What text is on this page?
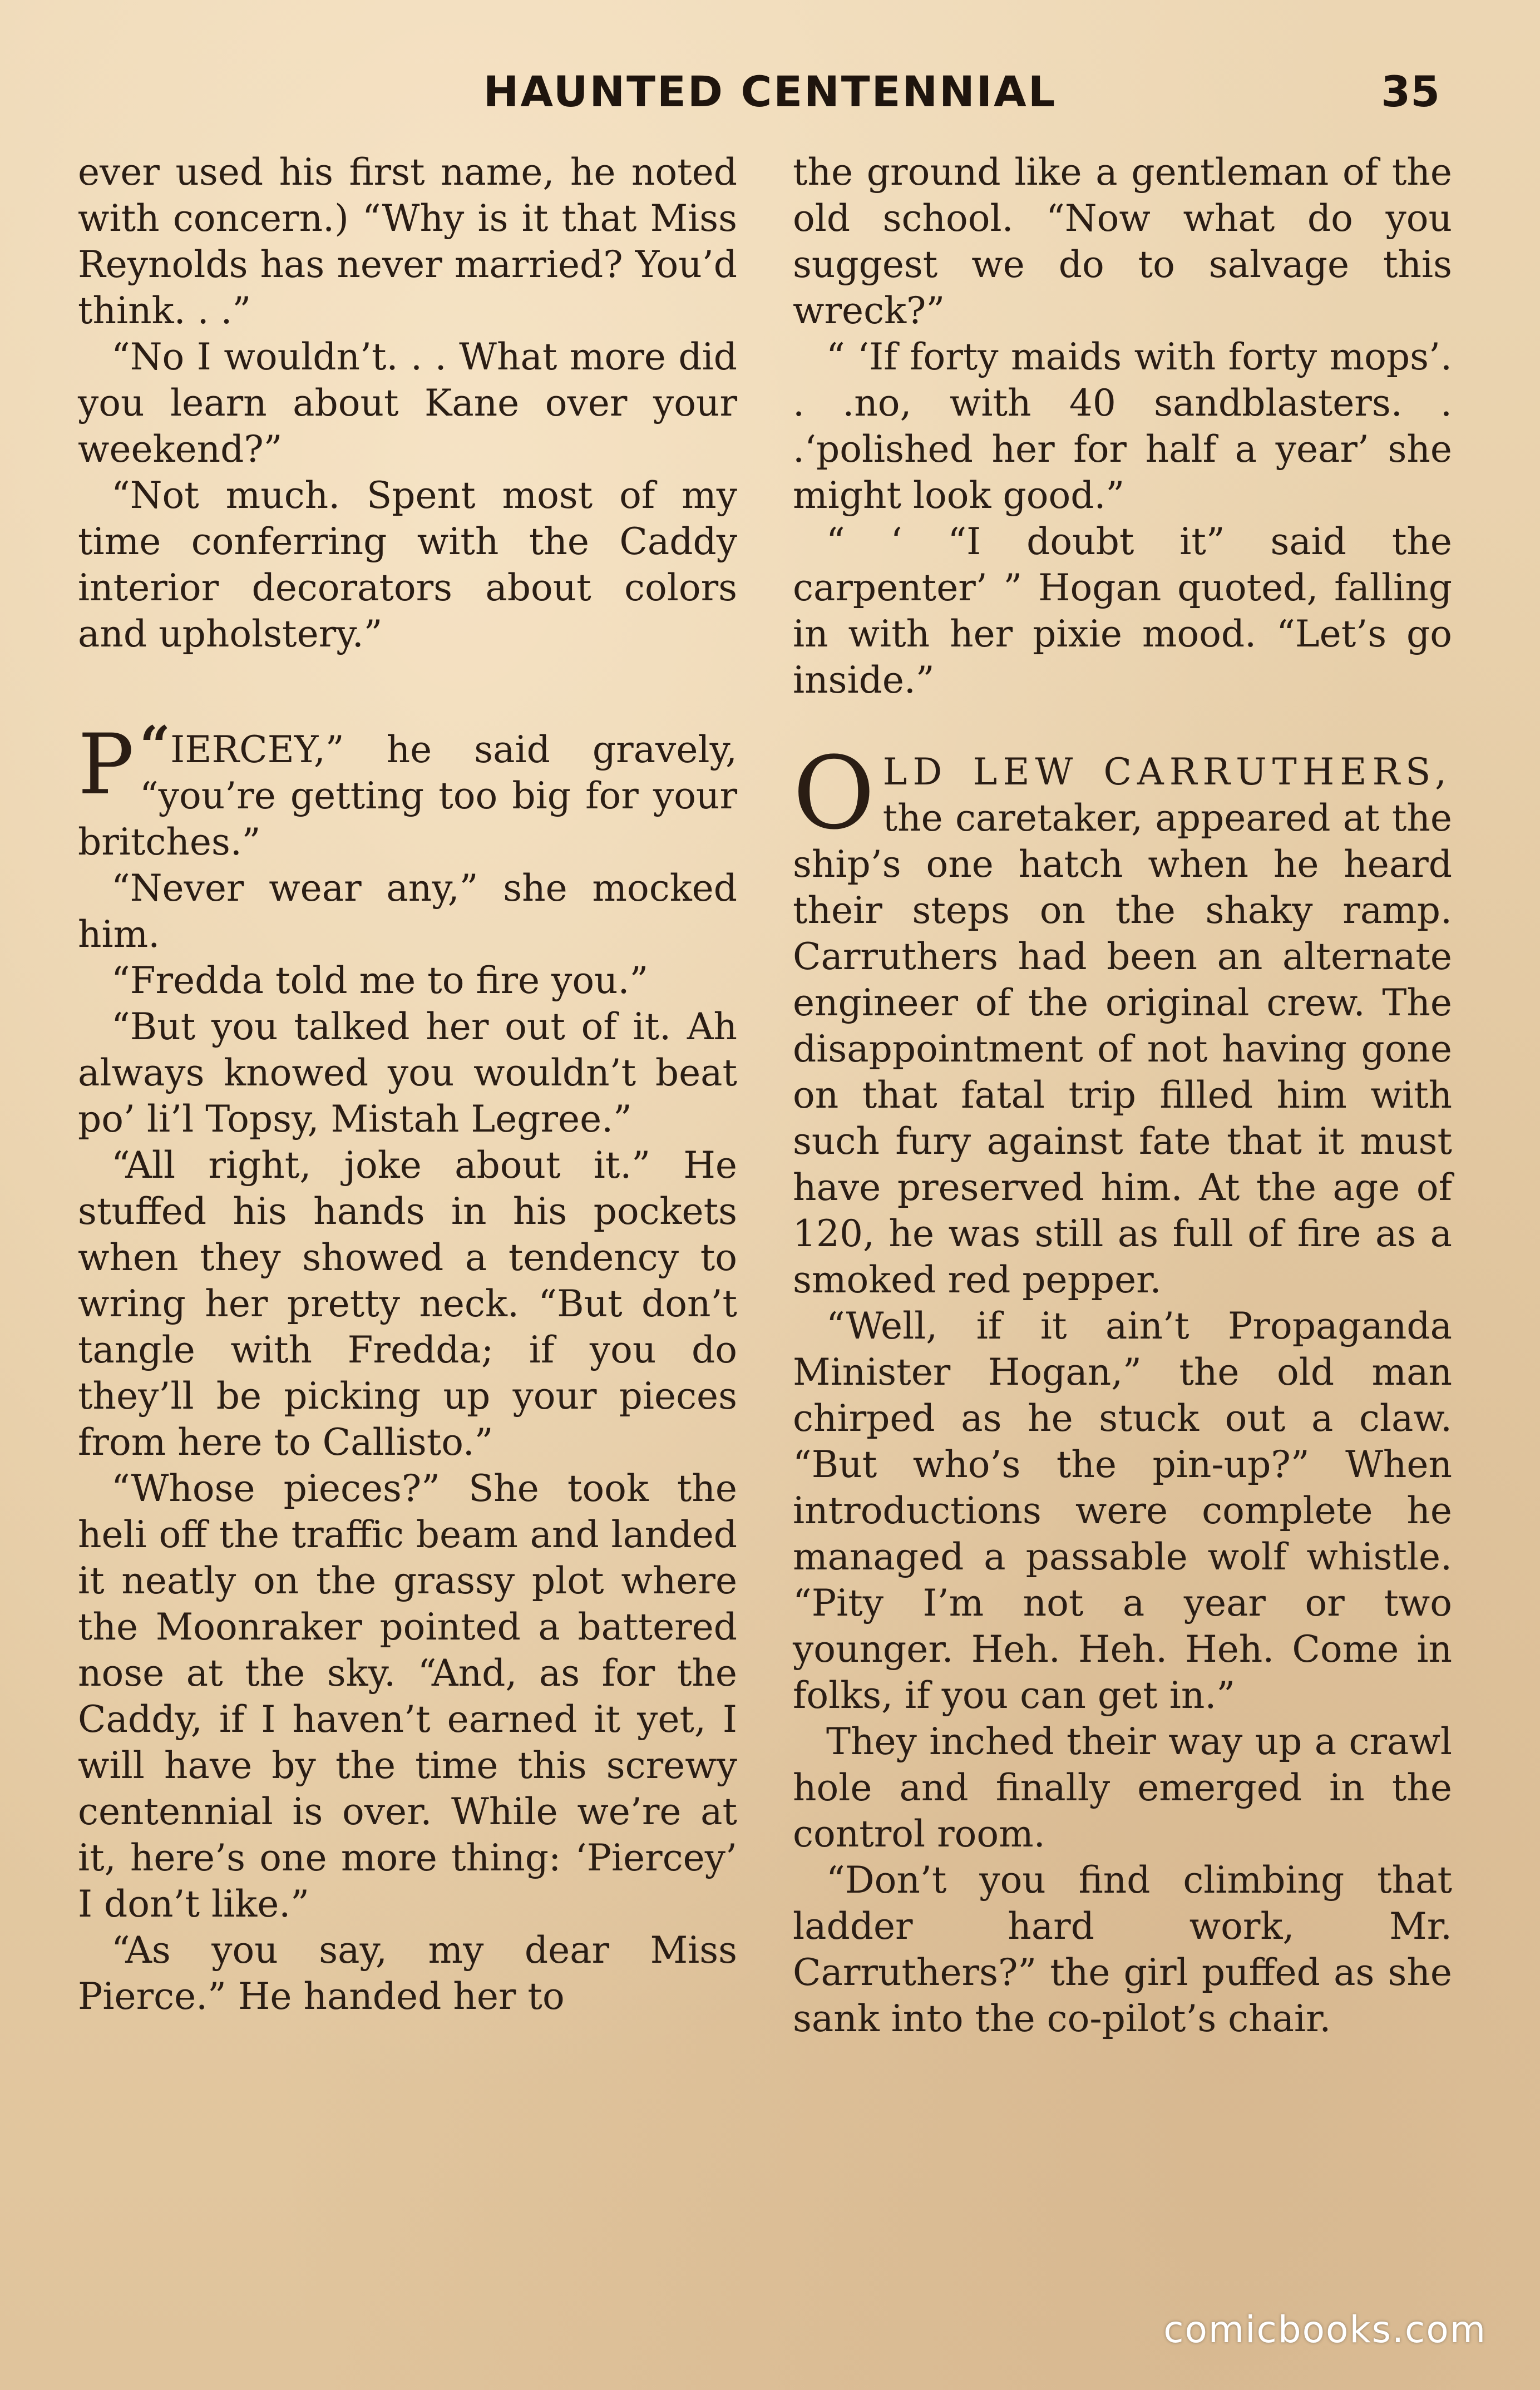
HAUNTED CENTENNIAL	35

ever used his first name, he noted with concern.) “Why is it that Miss Reynolds has never married? You’d think. . .”

“No I wouldn’t. . . What more did you learn about Kane over your weekend?”

“Not much. Spent most of my time conferring with the Caddy interior decorators about colors and upholstery.”

“
P IERCEY,” he said gravely, “you’re getting too big for your britches.”

“Never wear any,” she mocked him.

“Fredda told me to fire you.”

“But you talked her out of it. Ah always knowed you wouldn’t beat po’ li’l Topsy, Mistah Legree.”

“All right, joke about it.” He stuffed his hands in his pockets when they showed a tendency to wring her pretty neck. “But don’t tangle with Fredda; if you do they’ll be picking up your pieces from here to Callisto.”

“Whose pieces?” She took the heli off the traffic beam and landed it neatly on the grassy plot where the Moonraker pointed a battered nose at the sky. “And, as for the Caddy, if I haven’t earned it yet, I will have by the time this screwy centennial is over. While we’re at it, here’s one more thing: ‘Piercey’ I don’t like.”

“As you say, my dear Miss Pierce.” He handed her to

the ground like a gentleman of the old school. “Now what do you suggest we do to salvage this wreck?”

“ ‘If forty maids with forty mops’. . .no, with 40 sandblasters. . .‘polished her for half a year’ she might look good.”

“ ‘ “I doubt it” said the carpenter’ ” Hogan quoted, falling in with her pixie mood. “Let’s go inside.”

OLD LEW CARRUTHERS, the caretaker, appeared at the ship’s one hatch when he heard their steps on the shaky ramp. Carruthers had been an alternate engineer of the original crew. The disappointment of not having gone on that fatal trip filled him with such fury against fate that it must have preserved him. At the age of 120, he was still as full of fire as a smoked red pepper.

“Well, if it ain’t Propaganda Minister Hogan,” the old man chirped as he stuck out a claw. “But who’s the pin-up?” When introductions were complete he managed a passable wolf whistle. “Pity I’m not a year or two younger. Heh. Heh. Heh. Come in folks, if you can get in.”

They inched their way up a crawl hole and finally emerged in the control room.

“Don’t you find climbing that ladder hard work, Mr. Carruthers?” the girl puffed as she sank into the co-pilot’s chair.

comicbooks.com
